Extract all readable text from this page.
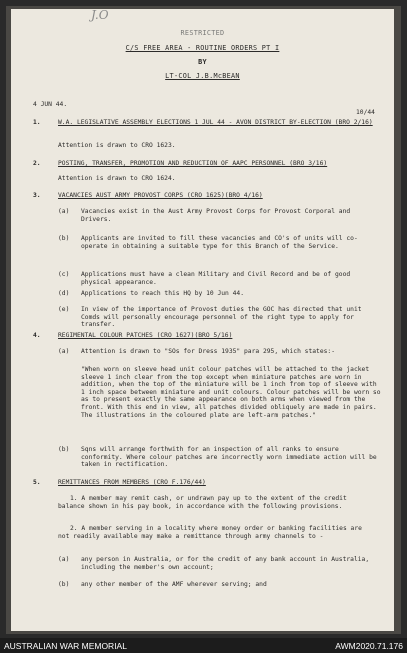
J.O
RESTRICTED
C/S FREE AREA - ROUTINE ORDERS PT I
BY
LT-COL J.B.McBEAN
4 JUN 44.
10/44
1.	W.A. LEGISLATIVE ASSEMBLY ELECTIONS 1 JUL 44 - AVON DISTRICT BY-ELECTION (BRO 2/16)
Attention is drawn to CRO 1623.
2.	POSTING, TRANSFER, PROMOTION AND REDUCTION OF AAPC PERSONNEL (BRO 3/16)
Attention is drawn to CRO 1624.
3.	VACANCIES AUST ARMY PROVOST CORPS (CRO 1625)(BRO 4/16)
(a) Vacancies exist in the Aust Army Provost Corps for Provost Corporal and Drivers.
(b) Applicants are invited to fill these vacancies and CO's of units will co-operate in obtaining a suitable type for this Branch of the Service.
(c) Applications must have a clean Military and Civil Record and be of good physical appearance.
(d) Applications to reach this HQ by 10 Jun 44.
(e) In view of the importance of Provost duties the GOC has directed that unit Comds will personally encourage personnel of the right type to apply for transfer.
4.	REGIMENTAL COLOUR PATCHES (CRO 1627)(BRO 5/16)
(a) Attention is drawn to "SOs for Dress 1935" para 295, which states:-
"When worn on sleeve head unit colour patches will be attached to the jacket sleeve 1 inch clear from the top except when miniature patches are worn in addition, when the top of the miniature will be 1 inch from top of sleeve with 1 inch space between miniature and unit colours. Colour patches will be worn so as to present exactly the same appearance on both arms when viewed from the front. With this end in view, all patches divided obliquely are made in pairs. The illustrations in the coloured plate are left-arm patches."
(b) Sqns will arrange forthwith for an inspection of all ranks to ensure conformity. Where colour patches are incorrectly worn immediate action will be taken in rectification.
5.	REMITTANCES FROM MEMBERS (CRO F.176/44)
1. A member may remit cash, or undrawn pay up to the extent of the credit balance shown in his pay book, in accordance with the following provisions.
2. A member serving in a locality where money order or banking facilities are not readily available may make a remittance through army channels to -
(a) any person in Australia, or for the credit of any bank account in Australia, including the member's own account;
(b) any other member of the AMF wherever serving; and
AUSTRALIAN WAR MEMORIAL	AWM2020.71.176
